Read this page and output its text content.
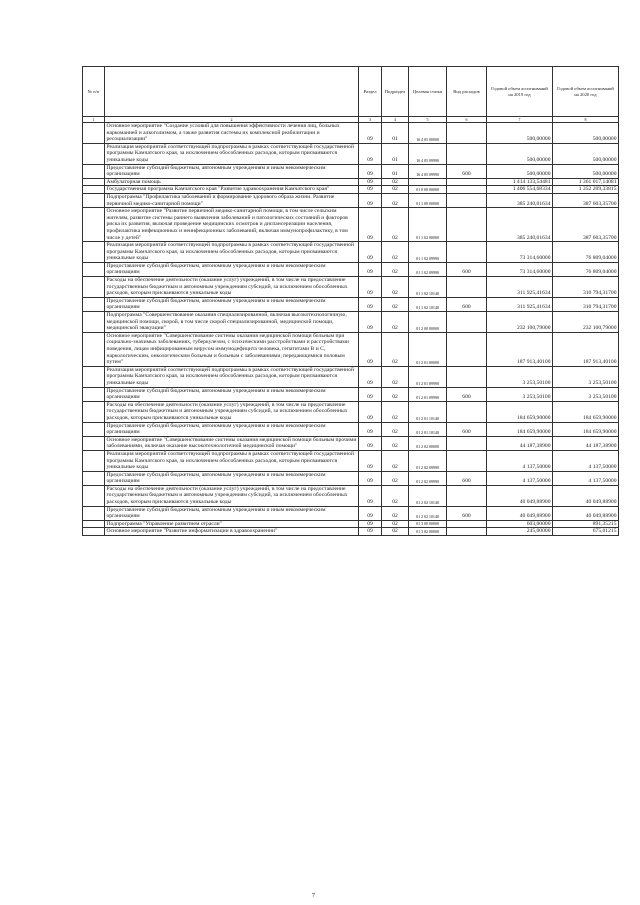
№ п/п		Раздел	Подраздел	Целевая статья	Вид расходов	Годовой объем ассигнований на 2019 год	Годовой объем ассигнований на 2020 год
1	2	3	4	5	6	7	8
	Основное мероприятие "Создание условий для повышения эффективности лечения лиц, больных наркоманией и алкоголизмом, а также развития системы их комплексной реабилитации и ресоциализации"	09	01	16 4 05 00000		500,00000	500,00000
	Реализация мероприятий соответствующей подпрограммы в рамках соответствующей государственной программы Камчатского края, за исключением обособленных расходов, которым присваиваются уникальные коды	09	01	16 4 05 09990		500,00000	500,00000
	Предоставление субсидий бюджетным, автономным учреждениям и иным некоммерческим организациям	09	01	16 4 05 09990	600	500,00000	500,00000
	Амбулаторная помощь	09	02			1 414 133,54481	1 361 017,14081
	Государственная программа Камчатского края "Развитие здравоохранения Камчатского края"	09	02	01 0 00 00000		1 406 554,68334	1 352 209,33815
	Подпрограмма "Профилактика заболеваний и формирование здорового образа жизни. Развитие первичной медико-санитарной помощи"	09	02	01 1 00 00000		385 240,01634	387 603,35700
	Основное мероприятие "Развитие первичной медико-санитарной помощи, в том числе сельским жителям, развитие системы раннего выявления заболеваний и патологических состояний и факторов риска их развития, включая проведение медицинских осмотров и диспансеризации населения, профилактика инфекционных и неинфекционных заболеваний, включая иммунопрофилактику, в том числе у детей"	09	02	01 1 02 00000		385 240,01634	387 603,35700
	Реализация мероприятий соответствующей подпрограммы в рамках соответствующей государственной программы Камчатского края, за исключением обособленных расходов, которым присваиваются уникальные коды	09	02	01 1 02 09990		73 314,60000	76 809,04000
	Предоставление субсидий бюджетным, автономным учреждениям и иным некоммерческим организациям	09	02	01 1 02 09990	600	73 314,60000	76 809,04000
	Расходы на обеспечение деятельности (оказание услуг) учреждений, в том числе на предоставление государственным бюджетным и автономным учреждениям субсидий, за исключением обособленных расходов, которым присваиваются уникальные коды	09	02	01 1 02 10140		311 925,41634	310 794,31700
	Предоставление субсидий бюджетным, автономным учреждениям и иным некоммерческим организациям	09	02	01 1 02 10140	600	311 925,41634	310 794,31700
	Подпрограмма "Совершенствование оказания специализированной, включая высокотехнологичную, медицинской помощи, скорой, в том числе скорой специализированной, медицинской помощи, медицинской эвакуации"	09	02	01 2 00 00000		232 100,79000	232 100,79000
	Основное мероприятие "Совершенствование системы оказания медицинской помощи больным при социально-значимых заболеваниях, туберкулезом, с психическими расстройствами и расстройствами поведения, лицам инфицированным вирусом иммунодефицита человека, гепатитами В и С, наркологическим, онкологическим больным и больным с заболеваниями, передающимися половым путем"	09	02	01 2 01 00000		187 913,40100	187 913,40100
	Реализация мероприятий соответствующей подпрограммы в рамках соответствующей государственной программы Камчатского края, за исключением обособленных расходов, которым присваиваются уникальные коды	09	02	01 2 01 09990		3 253,50100	3 253,50100
	Предоставление субсидий бюджетным, автономным учреждениям и иным некоммерческим организациям	09	02	01 2 01 09990	600	3 253,50100	3 253,50100
	Расходы на обеспечение деятельности (оказание услуг) учреждений, в том числе на предоставление государственным бюджетным и автономным учреждениям субсидий, за исключением обособленных расходов, которым присваиваются уникальные коды	09	02	01 2 01 10140		184 659,90000	184 659,90000
	Предоставление субсидий бюджетным, автономным учреждениям и иным некоммерческим организациям	09	02	01 2 01 10140	600	184 659,90000	184 659,90000
	Основное мероприятие "Совершенствование системы оказания медицинской помощи больным прочими заболеваниями, включая оказание высокотехнологичной медицинской помощи"	09	02	01 2 02 00000		44 187,38900	44 187,38900
	Реализация мероприятий соответствующей подпрограммы в рамках соответствующей государственной программы Камчатского края, за исключением обособленных расходов, которым присваиваются уникальные коды	09	02	01 2 02 09990		4 137,50000	4 137,50000
	Предоставление субсидий бюджетным, автономным учреждениям и иным некоммерческим организациям	09	02	01 2 02 09990	600	4 137,50000	4 137,50000
	Расходы на обеспечение деятельности (оказание услуг) учреждений, в том числе на предоставление государственным бюджетным и автономным учреждениям субсидий, за исключением обособленных расходов, которым присваиваются уникальные коды	09	02	01 2 02 10140		40 049,88900	40 049,88900
	Предоставление субсидий бюджетным, автономным учреждениям и иным некоммерческим организациям	09	02	01 2 02 10140	600	40 049,88900	40 049,88900
	Подпрограмма "Управление развитием отрасли"	09	02	01 3 00 00000		603,00000	891,35215
	Основное мероприятие "Развитие информатизации в здравоохранении"	09	02	01 3 02 00000		245,00000	675,01215
7
